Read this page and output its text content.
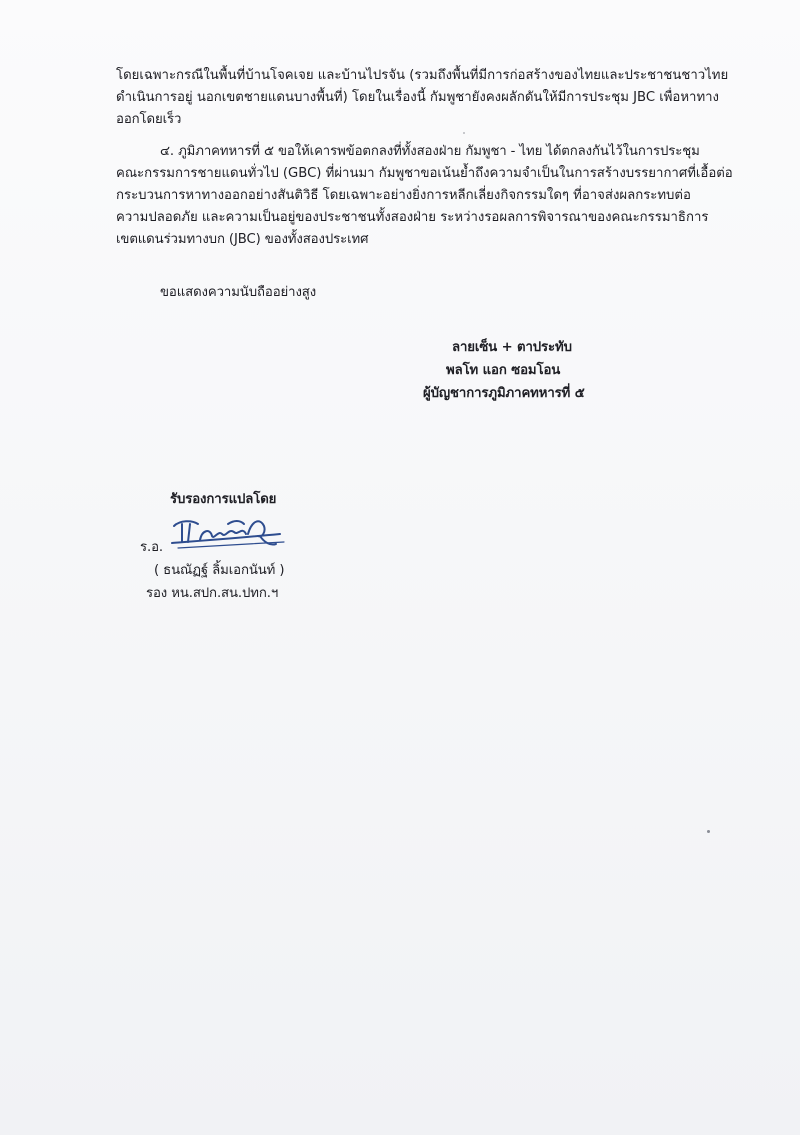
โดยเฉพาะกรณีในพื้นที่บ้านโจคเจย และบ้านไปรจัน (รวมถึงพื้นที่มีการก่อสร้างของไทยและประชาชนชาวไทย
ดำเนินการอยู่ นอกเขตชายแดนบางพื้นที่) โดยในเรื่องนี้ กัมพูชายังคงผลักดันให้มีการประชุม JBC เพื่อหาทาง
ออกโดยเร็ว
๔. ภูมิภาคทหารที่ ๕ ขอให้เคารพข้อตกลงที่ทั้งสองฝ่าย กัมพูชา - ไทย ได้ตกลงกันไว้ในการประชุม
คณะกรรมการชายแดนทั่วไป (GBC) ที่ผ่านมา กัมพูชาขอเน้นย้ำถึงความจำเป็นในการสร้างบรรยากาศที่เอื้อต่อ
กระบวนการหาทางออกอย่างสันติวิธี โดยเฉพาะอย่างยิ่งการหลีกเลี่ยงกิจกรรมใดๆ ที่อาจส่งผลกระทบต่อ
ความปลอดภัย และความเป็นอยู่ของประชาชนทั้งสองฝ่าย ระหว่างรอผลการพิจารณาของคณะกรรมาธิการ
เขตแดนร่วมทางบก (JBC) ของทั้งสองประเทศ
ขอแสดงความนับถืออย่างสูง
ลายเซ็น + ตาประทับ
พลโท แอก ซอมโอน
ผู้บัญชาการภูมิภาคทหารที่ ๕
รับรองการแปลโดย
ร.อ.
( ธนณัฏฐ์ ลิ้มเอกนันท์ )
รอง หน.สปก.สน.ปทก.ฯ
